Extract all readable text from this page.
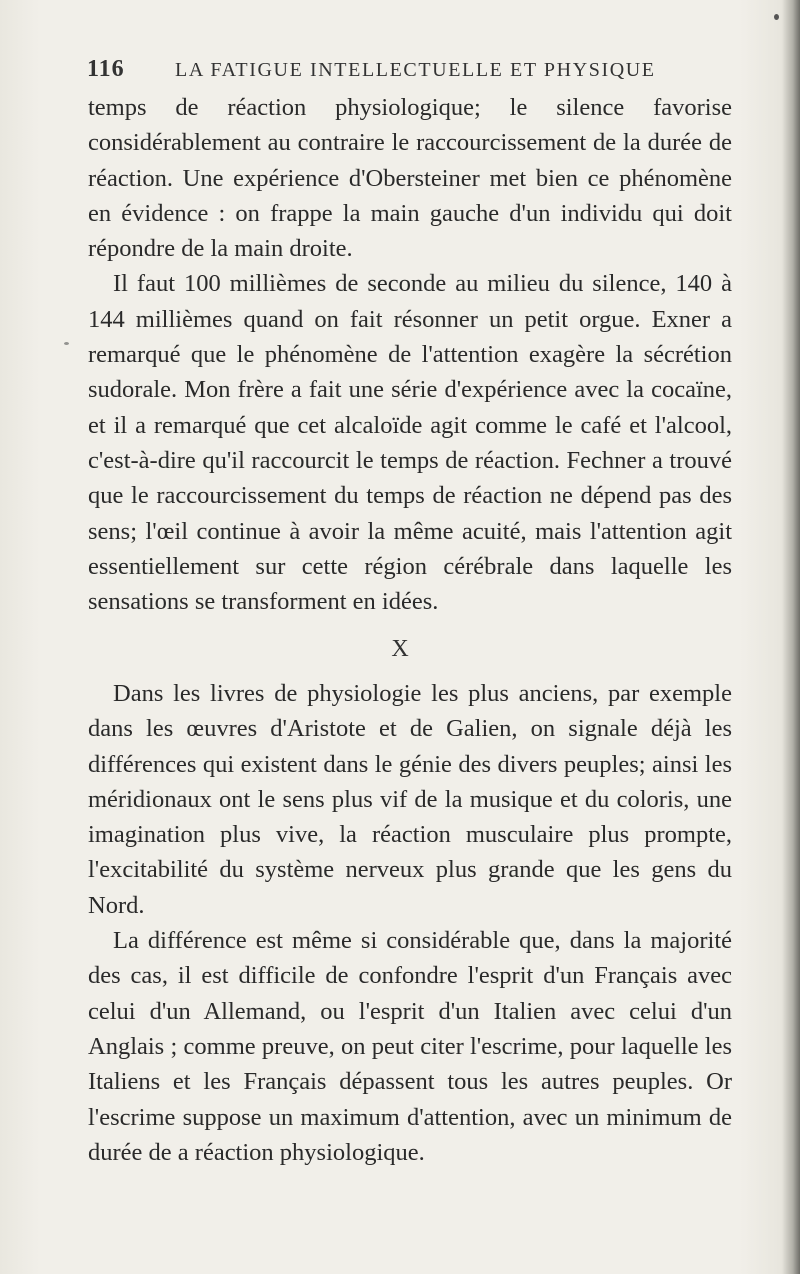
116	LA FATIGUE INTELLECTUELLE ET PHYSIQUE

temps de réaction physiologique; le silence favorise considérablement au contraire le raccourcissement de la durée de réaction. Une expérience d'Obersteiner met bien ce phénomène en évidence : on frappe la main gauche d'un individu qui doit répondre de la main droite.

Il faut 100 millièmes de seconde au milieu du silence, 140 à 144 millièmes quand on fait résonner un petit orgue. Exner a remarqué que le phénomène de l'attention exagère la sécrétion sudorale. Mon frère a fait une série d'expérience avec la cocaïne, et il a remarqué que cet alcaloïde agit comme le café et l'alcool, c'est-à-dire qu'il raccourcit le temps de réaction. Fechner a trouvé que le raccourcissement du temps de réaction ne dépend pas des sens; l'œil continue à avoir la même acuité, mais l'attention agit essentiellement sur cette région cérébrale dans laquelle les sensations se transforment en idées.

X

Dans les livres de physiologie les plus anciens, par exemple dans les œuvres d'Aristote et de Galien, on signale déjà les différences qui existent dans le génie des divers peuples; ainsi les méridionaux ont le sens plus vif de la musique et du coloris, une imagination plus vive, la réaction musculaire plus prompte, l'excitabilité du système nerveux plus grande que les gens du Nord.

La différence est même si considérable que, dans la majorité des cas, il est difficile de confondre l'esprit d'un Français avec celui d'un Allemand, ou l'esprit d'un Italien avec celui d'un Anglais ; comme preuve, on peut citer l'escrime, pour laquelle les Italiens et les Français dépassent tous les autres peuples. Or l'escrime suppose un maximum d'attention, avec un minimum de durée de a réaction physiologique.
